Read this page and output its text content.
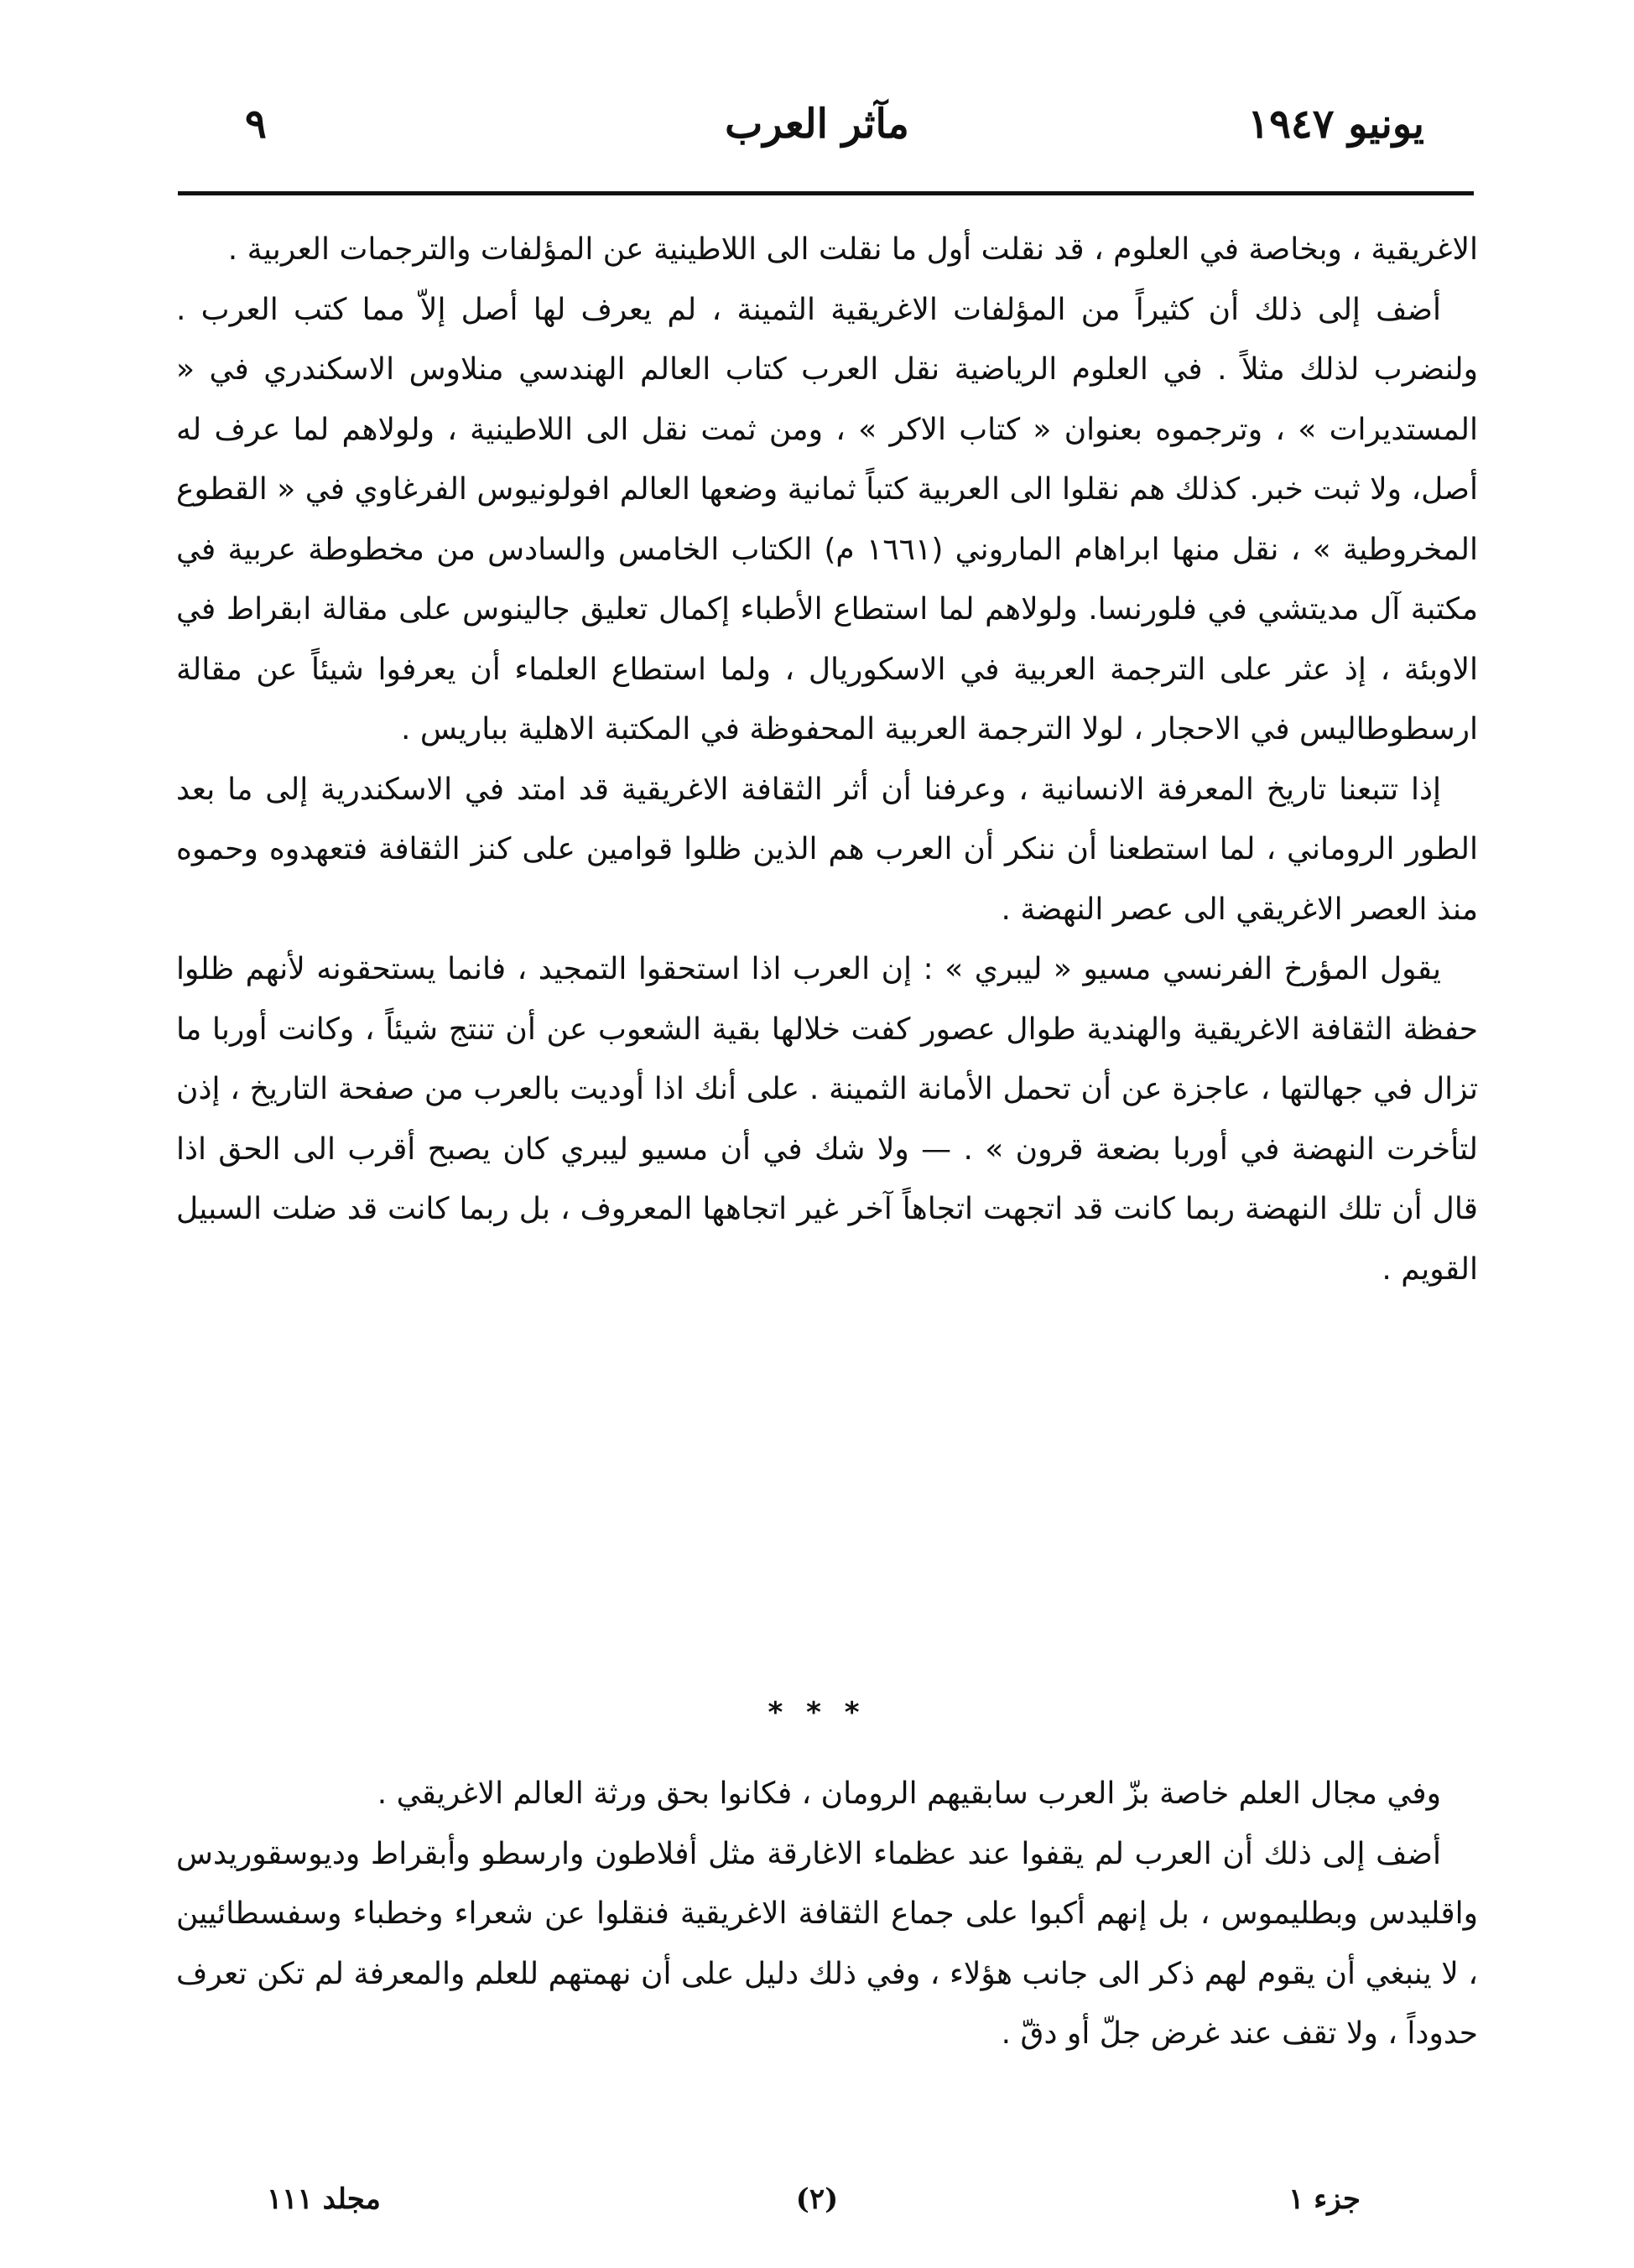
يونيو ١٩٤٧
مآثر العرب
٩

الاغريقية ، وبخاصة في العلوم ، قد نقلت أول ما نقلت الى اللاطينية عن المؤلفات والترجمات العربية .

أضف إلى ذلك أن كثيراً من المؤلفات الاغريقية الثمينة ، لم يعرف لها أصل إلاّ مما كتب العرب . ولنضرب لذلك مثلاً . في العلوم الرياضية نقل العرب كتاب العالم الهندسي منلاوس الاسكندري في « المستديرات » ، وترجموه بعنوان « كتاب الاكر » ، ومن ثمت نقل الى اللاطينية ، ولولاهم لما عرف له أصل، ولا ثبت خبر. كذلك هم نقلوا الى العربية كتباً ثمانية وضعها العالم افولونيوس الفرغاوي في « القطوع المخروطية » ، نقل منها ابراهام الماروني (١٦٦١ م) الكتاب الخامس والسادس من مخطوطة عربية في مكتبة آل مديتشي في فلورنسا. ولولاهم لما استطاع الأطباء إكمال تعليق جالينوس على مقالة ابقراط في الاوبئة ، إذ عثر على الترجمة العربية في الاسكوريال ، ولما استطاع العلماء أن يعرفوا شيئاً عن مقالة ارسطوطاليس في الاحجار ، لولا الترجمة العربية المحفوظة في المكتبة الاهلية بباريس .

إذا تتبعنا تاريخ المعرفة الانسانية ، وعرفنا أن أثر الثقافة الاغريقية قد امتد في الاسكندرية إلى ما بعد الطور الروماني ، لما استطعنا أن ننكر أن العرب هم الذين ظلوا قوامين على كنز الثقافة فتعهدوه وحموه منذ العصر الاغريقي الى عصر النهضة .

يقول المؤرخ الفرنسي مسيو « ليبري » : إن العرب اذا استحقوا التمجيد ، فانما يستحقونه لأنهم ظلوا حفظة الثقافة الاغريقية والهندية طوال عصور كفت خلالها بقية الشعوب عن أن تنتج شيئاً ، وكانت أوربا ما تزال في جهالتها ، عاجزة عن أن تحمل الأمانة الثمينة . على أنك اذا أوديت بالعرب من صفحة التاريخ ، إذن لتأخرت النهضة في أوربا بضعة قرون » . — ولا شك في أن مسيو ليبري كان يصبح أقرب الى الحق اذا قال أن تلك النهضة ربما كانت قد اتجهت اتجاهاً آخر غير اتجاهها المعروف ، بل ربما كانت قد ضلت السبيل القويم .

* * *

وفي مجال العلم خاصة بزّ العرب سابقيهم الرومان ، فكانوا بحق ورثة العالم الاغريقي .

أضف إلى ذلك أن العرب لم يقفوا عند عظماء الاغارقة مثل أفلاطون وارسطو وأبقراط وديوسقوريدس واقليدس وبطليموس ، بل إنهم أكبوا على جماع الثقافة الاغريقية فنقلوا عن شعراء وخطباء وسفسطائيين ، لا ينبغي أن يقوم لهم ذكر الى جانب هؤلاء ، وفي ذلك دليل على أن نهمتهم للعلم والمعرفة لم تكن تعرف حدوداً ، ولا تقف عند غرض جلّ أو دقّ .

جزء ١
(٢)
مجلد ١١١
